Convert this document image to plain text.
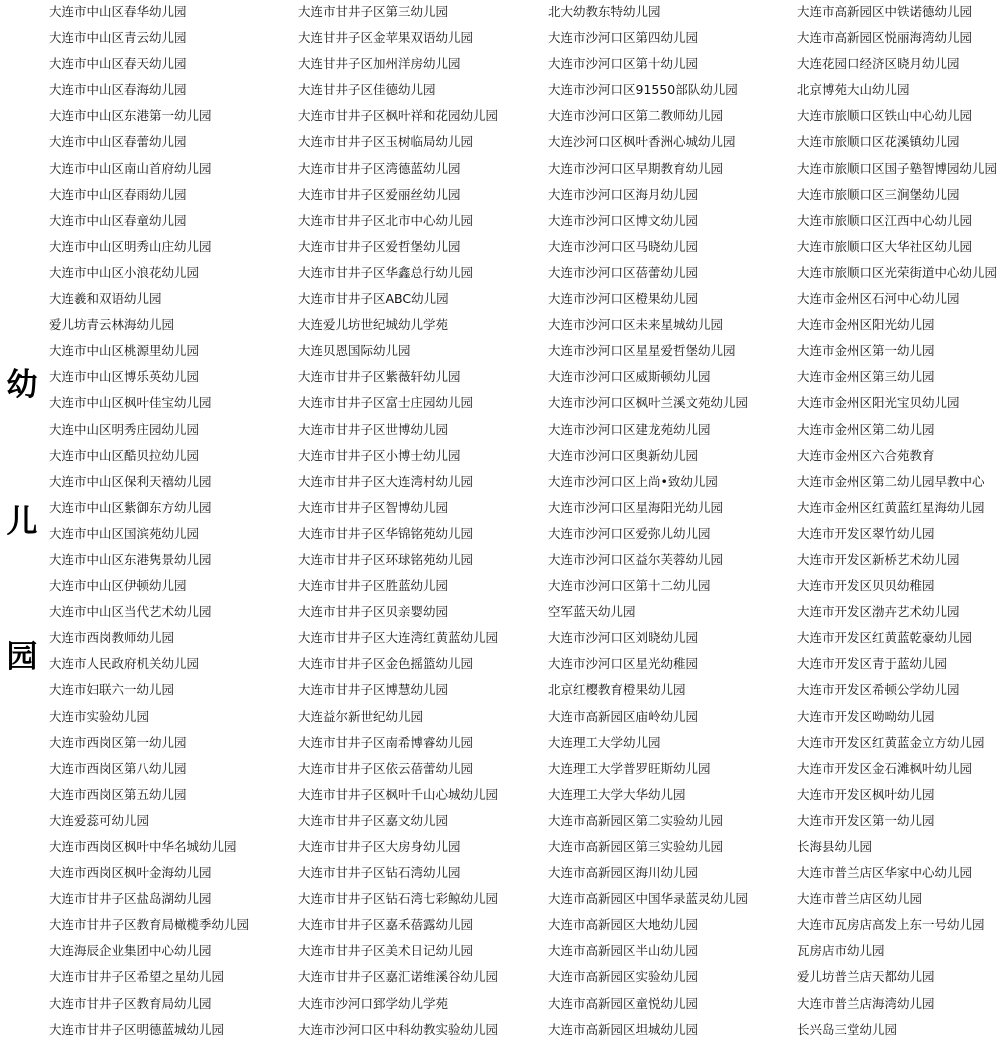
幼
儿
园
大连市中山区春华幼儿园
大连市中山区青云幼儿园
大连市中山区春天幼儿园
大连市中山区春海幼儿园
大连市中山区东港第一幼儿园
大连市中山区春蕾幼儿园
大连市中山区南山首府幼儿园
大连市中山区春雨幼儿园
大连市中山区春童幼儿园
大连市中山区明秀山庄幼儿园
大连市中山区小浪花幼儿园
大连羲和双语幼儿园
爱儿坊青云林海幼儿园
大连市中山区桃源里幼儿园
大连市中山区博乐英幼儿园
大连市中山区枫叶佳宝幼儿园
大连中山区明秀庄园幼儿园
大连市中山区酷贝拉幼儿园
大连市中山区保利天禧幼儿园
大连市中山区紫御东方幼儿园
大连市中山区国滨苑幼儿园
大连市中山区东港隽景幼儿园
大连市中山区伊顿幼儿园
大连市中山区当代艺术幼儿园
大连市西岗教师幼儿园
大连市人民政府机关幼儿园
大连市妇联六一幼儿园
大连市实验幼儿园
大连市西岗区第一幼儿园
大连市西岗区第八幼儿园
大连市西岗区第五幼儿园
大连爱蕊可幼儿园
大连市西岗区枫叶中华名城幼儿园
大连市西岗区枫叶金海幼儿园
大连市甘井子区盐岛湖幼儿园
大连市甘井子区教育局橄榄季幼儿园
大连海辰企业集团中心幼儿园
大连市甘井子区希望之星幼儿园
大连市甘井子区教育局幼儿园
大连市甘井子区明德蓝城幼儿园
大连市甘井子区第三幼儿园
大连甘井子区金苹果双语幼儿园
大连甘井子区加州洋房幼儿园
大连甘井子区佳德幼儿园
大连市甘井子区枫叶祥和花园幼儿园
大连市甘井子区玉树临局幼儿园
大连市甘井子区湾德蓝幼儿园
大连市甘井子区爱丽丝幼儿园
大连市甘井子区北市中心幼儿园
大连市甘井子区爱哲堡幼儿园
大连市甘井子区华鑫总行幼儿园
大连市甘井子区ABC幼儿园
大连爱儿坊世纪城幼儿学苑
大连贝恩国际幼儿园
大连市甘井子区紫薇轩幼儿园
大连市甘井子区富士庄园幼儿园
大连市甘井子区世博幼儿园
大连市甘井子区小博士幼儿园
大连市甘井子区大连湾村幼儿园
大连市甘井子区智博幼儿园
大连市甘井子区华锦铭苑幼儿园
大连市甘井子区环球铭苑幼儿园
大连市甘井子区胜蓝幼儿园
大连市甘井子区贝亲婴幼园
大连市甘井子区大连湾红黄蓝幼儿园
大连市甘井子区金色摇篮幼儿园
大连市甘井子区博慧幼儿园
大连益尔新世纪幼儿园
大连市甘井子区南希博睿幼儿园
大连市甘井子区依云蓓蕾幼儿园
大连市甘井子区枫叶千山心城幼儿园
大连市甘井子区嘉文幼儿园
大连市甘井子区大房身幼儿园
大连市甘井子区钻石湾幼儿园
大连市甘井子区钻石湾七彩鲸幼儿园
大连市甘井子区嘉禾蓓露幼儿园
大连市甘井子区美术日记幼儿园
大连市甘井子区嘉汇诺维溪谷幼儿园
大连市沙河口郅学幼儿学苑
大连市沙河口区中科幼教实验幼儿园
北大幼教东特幼儿园
大连市沙河口区第四幼儿园
大连市沙河口区第十幼儿园
大连市沙河口区91550部队幼儿园
大连市沙河口区第二教师幼儿园
大连沙河口区枫叶香洲心城幼儿园
大连市沙河口区早期教育幼儿园
大连市沙河口区海月幼儿园
大连市沙河口区博文幼儿园
大连市沙河口区马晓幼儿园
大连市沙河口区蓓蕾幼儿园
大连市沙河口区橙果幼儿园
大连市沙河口区未来星城幼儿园
大连市沙河口区星星爱哲堡幼儿园
大连市沙河口区威斯顿幼儿园
大连市沙河口区枫叶兰溪文苑幼儿园
大连市沙河口区建龙苑幼儿园
大连市沙河口区奥新幼儿园
大连市沙河口区上尚•致幼儿园
大连市沙河口区星海阳光幼儿园
大连市沙河口区爱弥儿幼儿园
大连市沙河口区益尔芙蓉幼儿园
大连市沙河口区第十二幼儿园
空军蓝天幼儿园
大连市沙河口区刘晓幼儿园
大连市沙河口区星光幼稚园
北京红樱教育橙果幼儿园
大连市高新园区庙岭幼儿园
大连理工大学幼儿园
大连理工大学普罗旺斯幼儿园
大连理工大学大华幼儿园
大连市高新园区第二实验幼儿园
大连市高新园区第三实验幼儿园
大连市高新园区海川幼儿园
大连市高新园区中国华录蓝灵幼儿园
大连市高新园区大地幼儿园
大连市高新园区半山幼儿园
大连市高新园区实验幼儿园
大连市高新园区童悦幼儿园
大连市高新园区坦城幼儿园
大连市高新园区中铁诺德幼儿园
大连市高新园区悦丽海湾幼儿园
大连花园口经济区晓月幼儿园
北京博苑大山幼儿园
大连市旅顺口区铁山中心幼儿园
大连市旅顺口区花溪镇幼儿园
大连市旅顺口区国子塾智博园幼儿园
大连市旅顺口区三涧堡幼儿园
大连市旅顺口区江西中心幼儿园
大连市旅顺口区大华社区幼儿园
大连市旅顺口区光荣街道中心幼儿园
大连市金州区石河中心幼儿园
大连市金州区阳光幼儿园
大连市金州区第一幼儿园
大连市金州区第三幼儿园
大连市金州区阳光宝贝幼儿园
大连市金州区第二幼儿园
大连市金州区六合苑教育
大连市金州区第二幼儿园早教中心
大连市金州区红黄蓝红星海幼儿园
大连市开发区翠竹幼儿园
大连市开发区新桥艺术幼儿园
大连市开发区贝贝幼稚园
大连市开发区渤卉艺术幼儿园
大连市开发区红黄蓝乾豪幼儿园
大连市开发区青于蓝幼儿园
大连市开发区希顿公学幼儿园
大连市开发区呦呦幼儿园
大连市开发区红黄蓝金立方幼儿园
大连市开发区金石滩枫叶幼儿园
大连市开发区枫叶幼儿园
大连市开发区第一幼儿园
长海县幼儿园
大连市普兰店区华家中心幼儿园
大连市普兰店区幼儿园
大连市瓦房店高发上东一号幼儿园
瓦房店市幼儿园
爱儿坊普兰店天都幼儿园
大连市普兰店海湾幼儿园
长兴岛三堂幼儿园
